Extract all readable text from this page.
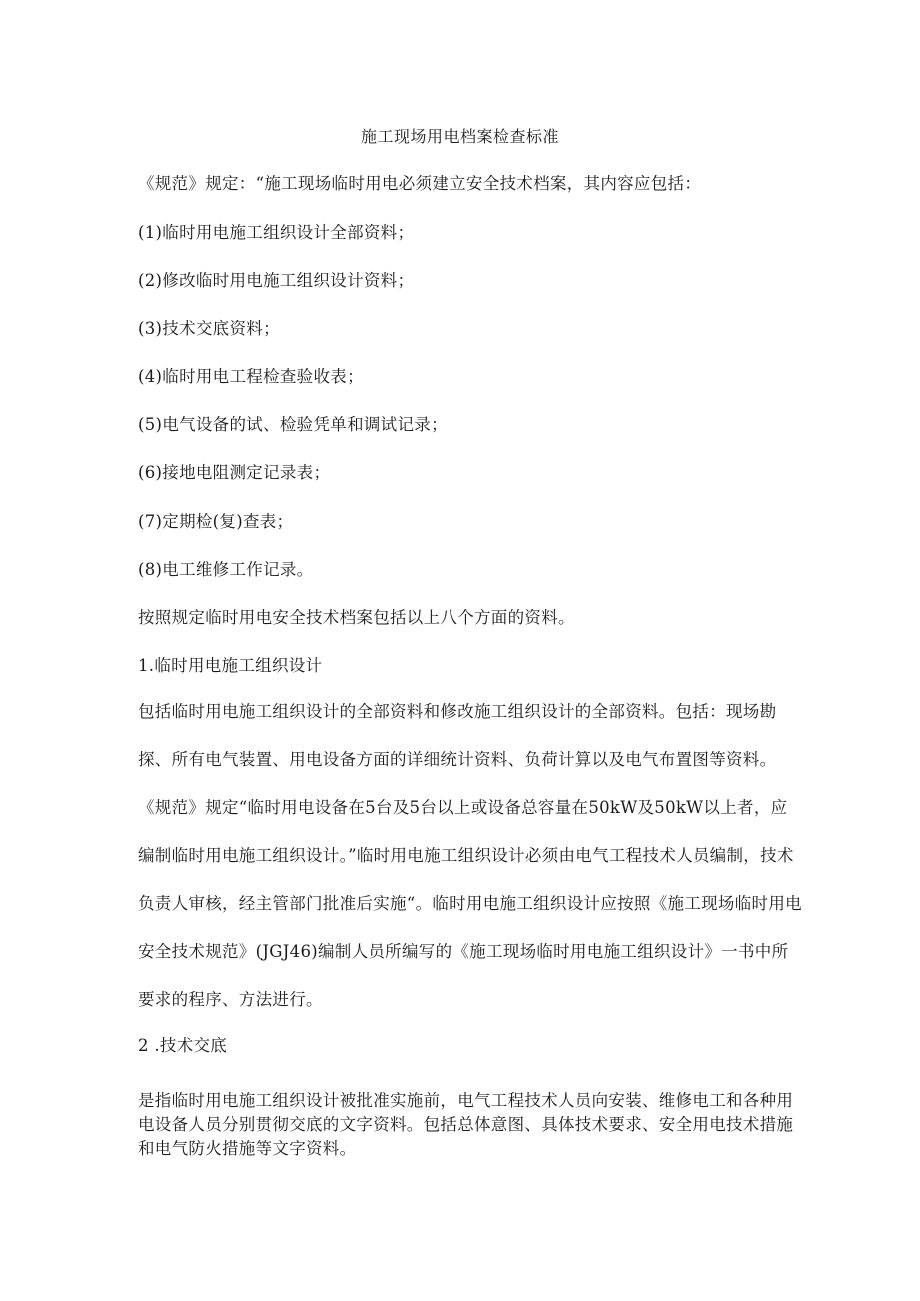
施工现场用电档案检查标准
《规范》规定：“施工现场临时用电必须建立安全技术档案，其内容应包括：
(1)临时用电施工组织设计全部资料；
(2)修改临时用电施工组织设计资料；
(3)技术交底资料；
(4)临时用电工程检查验收表；
(5)电气设备的试、检验凭单和调试记录；
(6)接地电阻测定记录表；
(7)定期检(复)查表；
(8)电工维修工作记录。
按照规定临时用电安全技术档案包括以上八个方面的资料。
1.临时用电施工组织设计
包括临时用电施工组织设计的全部资料和修改施工组织设计的全部资料。包括：现场勘探、所有电气装置、用电设备方面的详细统计资料、负荷计算以及电气布置图等资料。
《规范》规定“临时用电设备在5台及5台以上或设备总容量在50kW及50kW以上者，应编制临时用电施工组织设计。”临时用电施工组织设计必须由电气工程技术人员编制，技术负责人审核，经主管部门批准后实施“。临时用电施工组织设计应按照《施工现场临时用电安全技术规范》(JGJ46)编制人员所编写的《施工现场临时用电施工组织设计》一书中所要求的程序、方法进行。
2 .技术交底
是指临时用电施工组织设计被批准实施前，电气工程技术人员向安装、维修电工和各种用电设备人员分别贯彻交底的文字资料。包括总体意图、具体技术要求、安全用电技术措施和电气防火措施等文字资料。
